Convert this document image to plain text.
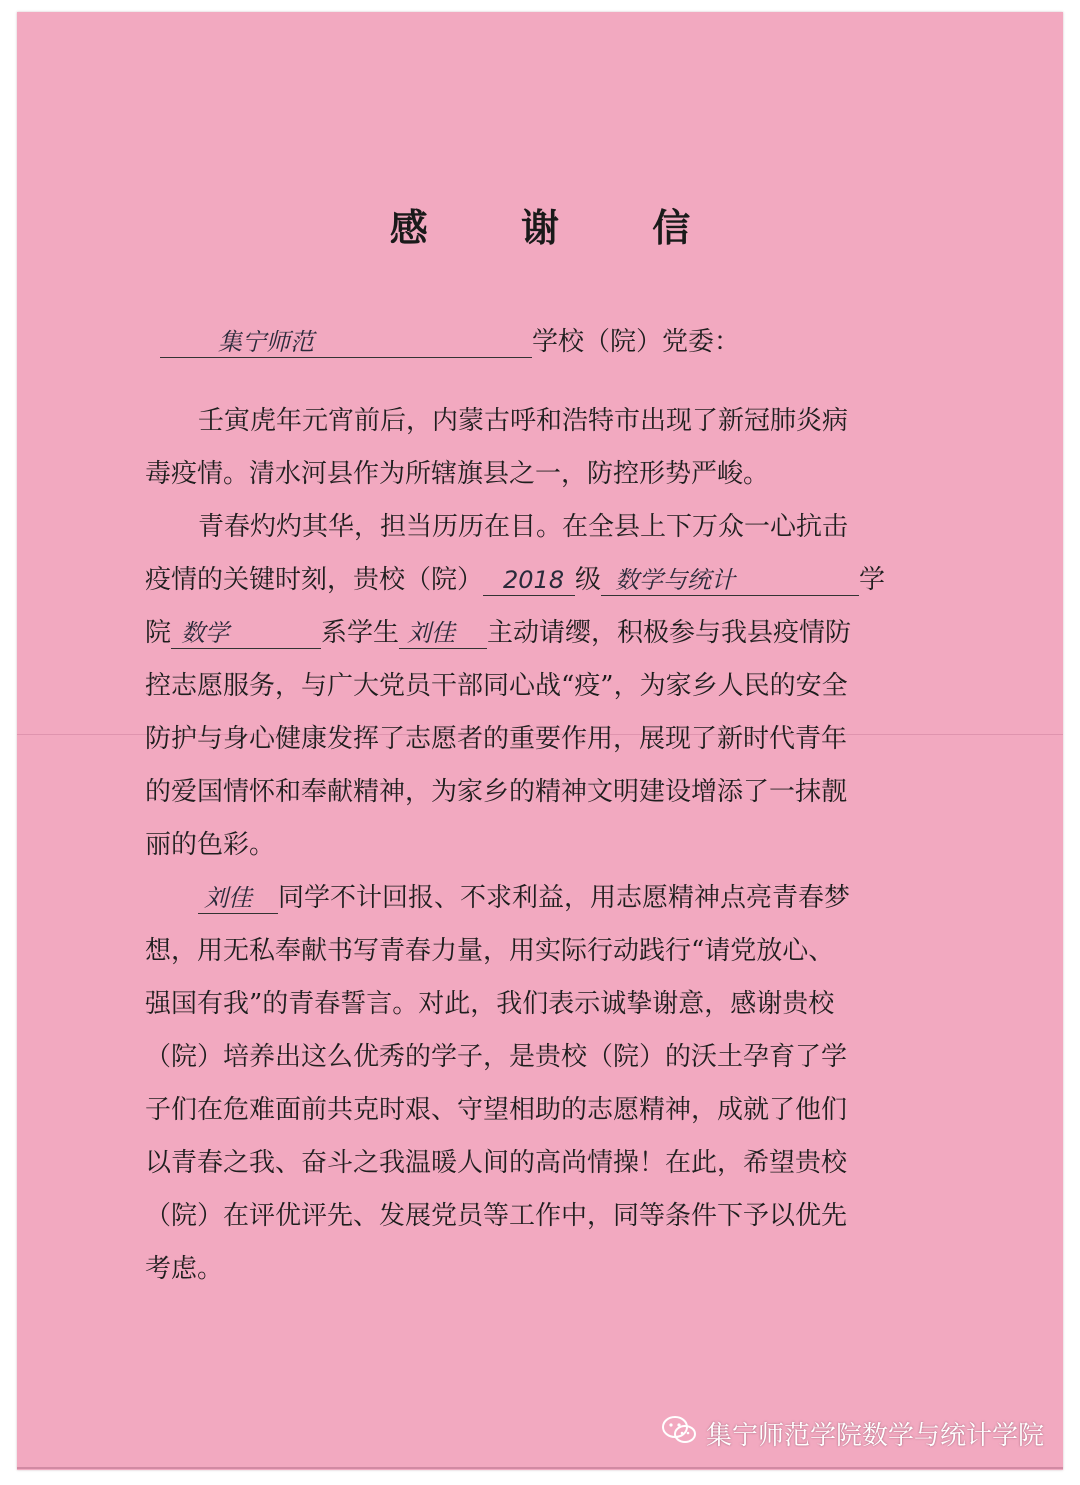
感 谢 信
集宁师范	学校（院）党委：
壬寅虎年元宵前后，内蒙古呼和浩特市出现了新冠肺炎病
毒疫情。清水河县作为所辖旗县之一，防控形势严峻。
青春灼灼其华，担当历历在目。在全县上下万众一心抗击
疫情的关键时刻，贵校（院） 2018 级 数学与统计	学
院 数学	系学生 刘佳 主动请缨，积极参与我县疫情防
控志愿服务，与广大党员干部同心战“疫”，为家乡人民的安全
防护与身心健康发挥了志愿者的重要作用，展现了新时代青年
的爱国情怀和奉献精神，为家乡的精神文明建设增添了一抹靓
丽的色彩。
刘佳 同学不计回报、不求利益，用志愿精神点亮青春梦
想，用无私奉献书写青春力量，用实际行动践行“请党放心、
强国有我”的青春誓言。对此，我们表示诚挚谢意，感谢贵校
（院）培养出这么优秀的学子，是贵校（院）的沃土孕育了学
子们在危难面前共克时艰、守望相助的志愿精神，成就了他们
以青春之我、奋斗之我温暖人间的高尚情操！在此，希望贵校
（院）在评优评先、发展党员等工作中，同等条件下予以优先
考虑。
集宁师范学院数学与统计学院
